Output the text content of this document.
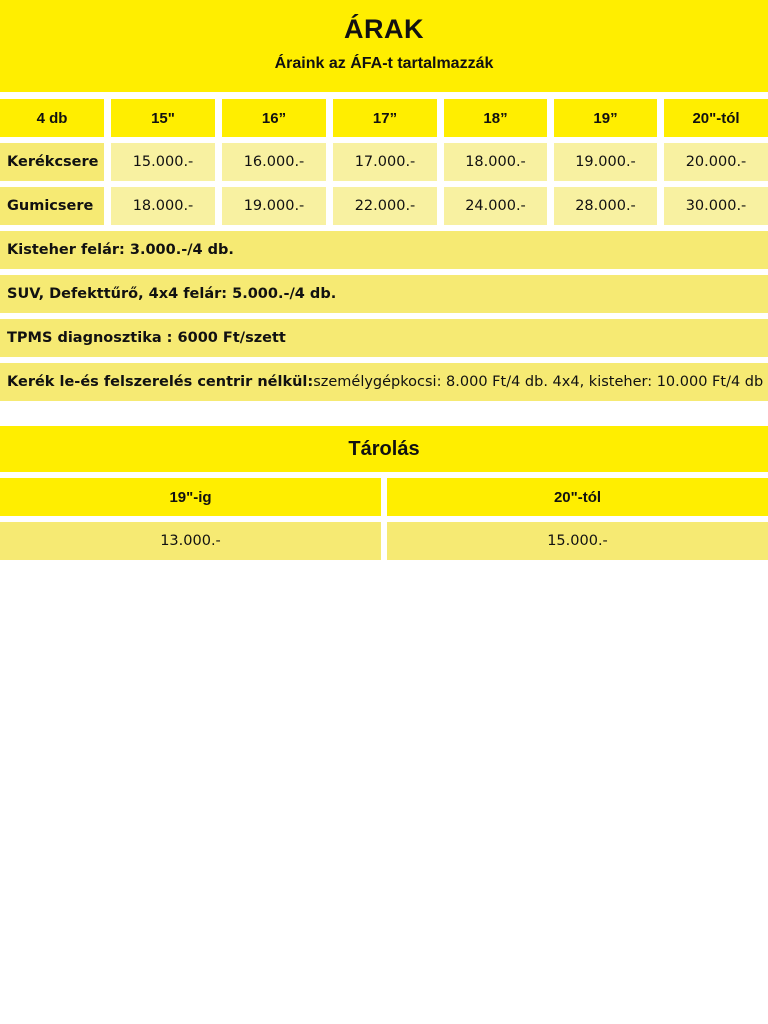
ÁRAK
Áraink az ÁFA-t tartalmazzák
4 db	15"	16”	17”	18”	19”	20"-tól
Kerékcsere	15.000.-	16.000.-	17.000.-	18.000.-	19.000.-	20.000.-
Gumicsere	18.000.-	19.000.-	22.000.-	24.000.-	28.000.-	30.000.-
Kisteher felár: 3.000.-/4 db.
SUV, Defekttűrő, 4x4 felár: 5.000.-/4 db.
TPMS diagnosztika : 6000 Ft/szett
Kerék le-és felszerelés centrir nélkül: személygépkocsi: 8.000 Ft/4 db. 4x4, kisteher: 10.000 Ft/4 db
Tárolás
19"-ig	20"-tól
13.000.-	15.000.-
